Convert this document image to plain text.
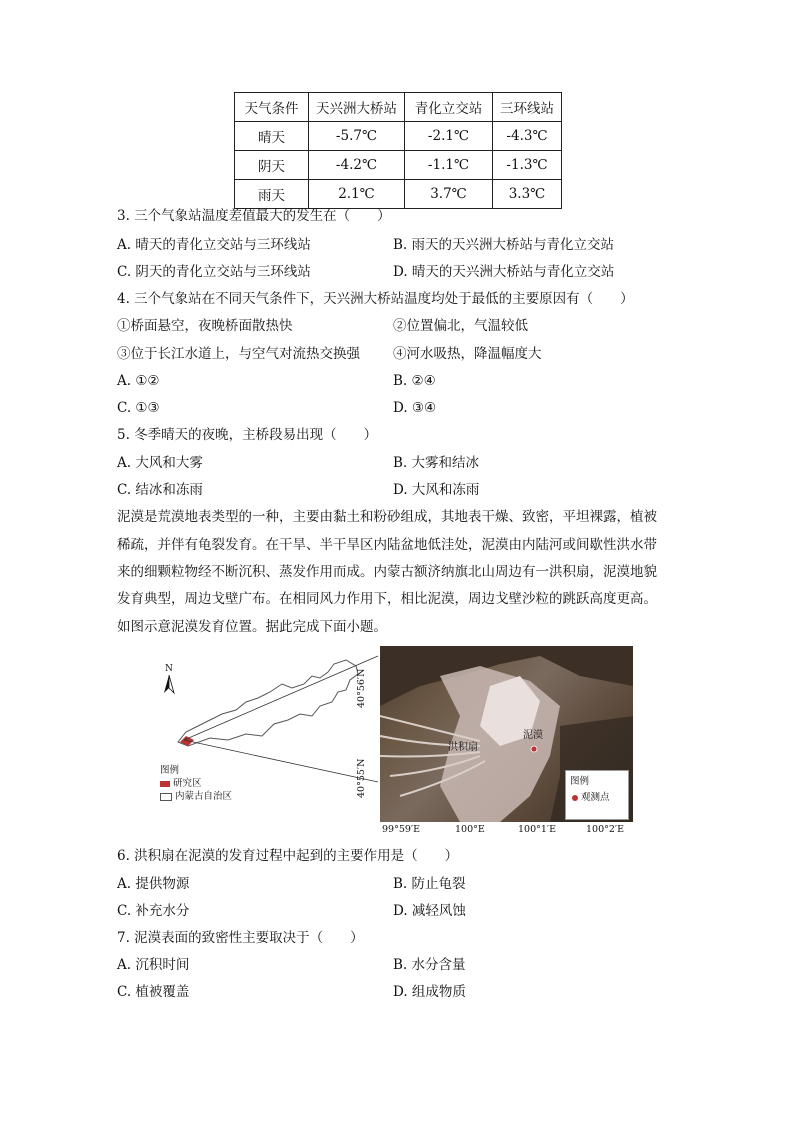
天气条件	天兴洲大桥站	青化立交站	三环线站
晴天	-5.7℃	-2.1℃	-4.3℃
阴天	-4.2℃	-1.1℃	-1.3℃
雨天	2.1℃	3.7℃	3.3℃
3. 三个气象站温度差值最大的发生在（　　）
A. 晴天的青化立交站与三环线站	B. 雨天的天兴洲大桥站与青化立交站
C. 阴天的青化立交站与三环线站	D. 晴天的天兴洲大桥站与青化立交站
4. 三个气象站在不同天气条件下，天兴洲大桥站温度均处于最低的主要原因有（　　）
①桥面悬空，夜晚桥面散热快	②位置偏北，气温较低
③位于长江水道上，与空气对流热交换强 ④河水吸热，降温幅度大
A. ①②	B. ②④
C. ①③	D. ③④
5. 冬季晴天的夜晚，主桥段易出现（　　）
A. 大风和大雾	B. 大雾和结冰
C. 结冰和冻雨	D. 大风和冻雨
泥漠是荒漠地表类型的一种，主要由黏土和粉砂组成，其地表干燥、致密，平坦裸露，植被
稀疏，并伴有龟裂发育。在干旱、半干旱区内陆盆地低洼处，泥漠由内陆河或间歇性洪水带
来的细颗粒物经不断沉积、蒸发作用而成。内蒙古额济纳旗北山周边有一洪积扇，泥漠地貌
发育典型，周边戈壁广布。在相同风力作用下，相比泥漠，周边戈壁沙粒的跳跃高度更高。
如图示意泥漠发育位置。据此完成下面小题。
N
图例
研究区
内蒙古自治区
40°56′N
40°55′N
洪积扇
泥漠
图例
观测点
99°59′E	100°E	100°1′E	100°2′E
6. 洪积扇在泥漠的发育过程中起到的主要作用是（　　）
A. 提供物源	B. 防止龟裂
C. 补充水分	D. 减轻风蚀
7. 泥漠表面的致密性主要取决于（　　）
A. 沉积时间	B. 水分含量
C. 植被覆盖	D. 组成物质
